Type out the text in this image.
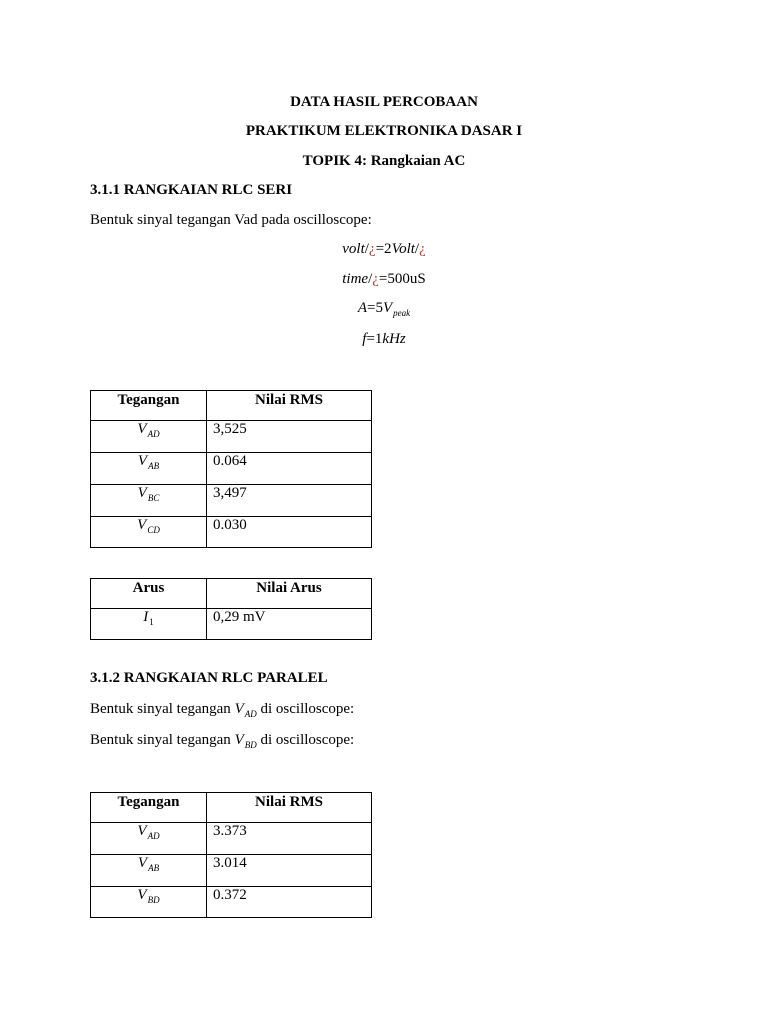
DATA HASIL PERCOBAAN
PRAKTIKUM ELEKTRONIKA DASAR I
TOPIK 4: Rangkaian AC
3.1.1 RANGKAIAN RLC SERI
Bentuk sinyal tegangan Vad pada oscilloscope:
volt/¿=2Volt/¿
time/¿=500uS
$A=5V_{peak}$
f=1kHz
Tegangan	Nilai RMS
$V_{AD}$	3,525
$V_{AB}$	0.064
$V_{BC}$	3,497
$V_{CD}$	0.030
Arus	Nilai Arus
$I_1$	0,29 mV
3.1.2 RANGKAIAN RLC PARALEL
Bentuk sinyal tegangan $V_{AD}$ di oscilloscope:
Bentuk sinyal tegangan $V_{BD}$ di oscilloscope:
Tegangan	Nilai RMS
$V_{AD}$	3.373
$V_{AB}$	3.014
$V_{BD}$	0.372
